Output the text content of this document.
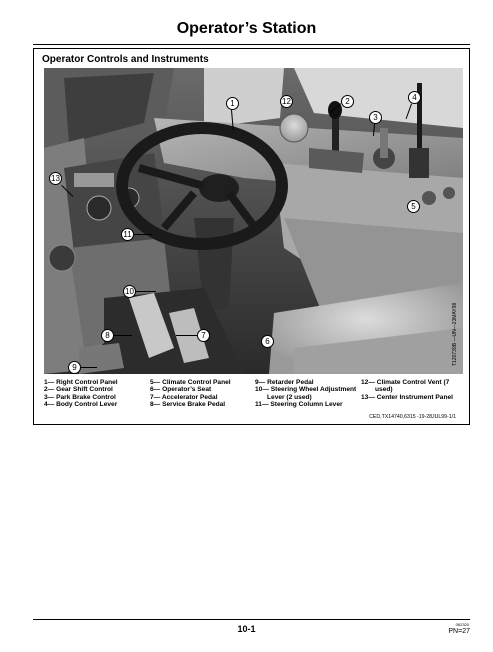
Operator’s Station
Operator Controls and Instruments
1	2
3
4
5
6
7
8
9
10
11
12
13
T120739B —UN—23MAY98
1— Right Control Panel
2— Gear Shift Control
3— Park Brake Control
4— Body Control Lever
5— Climate Control Panel
6— Operator’s Seat
7— Accelerator Pedal
8— Service Brake Pedal
9— Retarder Pedal
10— Steering Wheel Adjustment
Lever (2 used)
11— Steering Column Lever
12— Climate Control Vent (7
used)
13— Center Instrument Panel
CED,TX14740,6315 -19-28JUL99-1/1
10-1	062320
PN=27
